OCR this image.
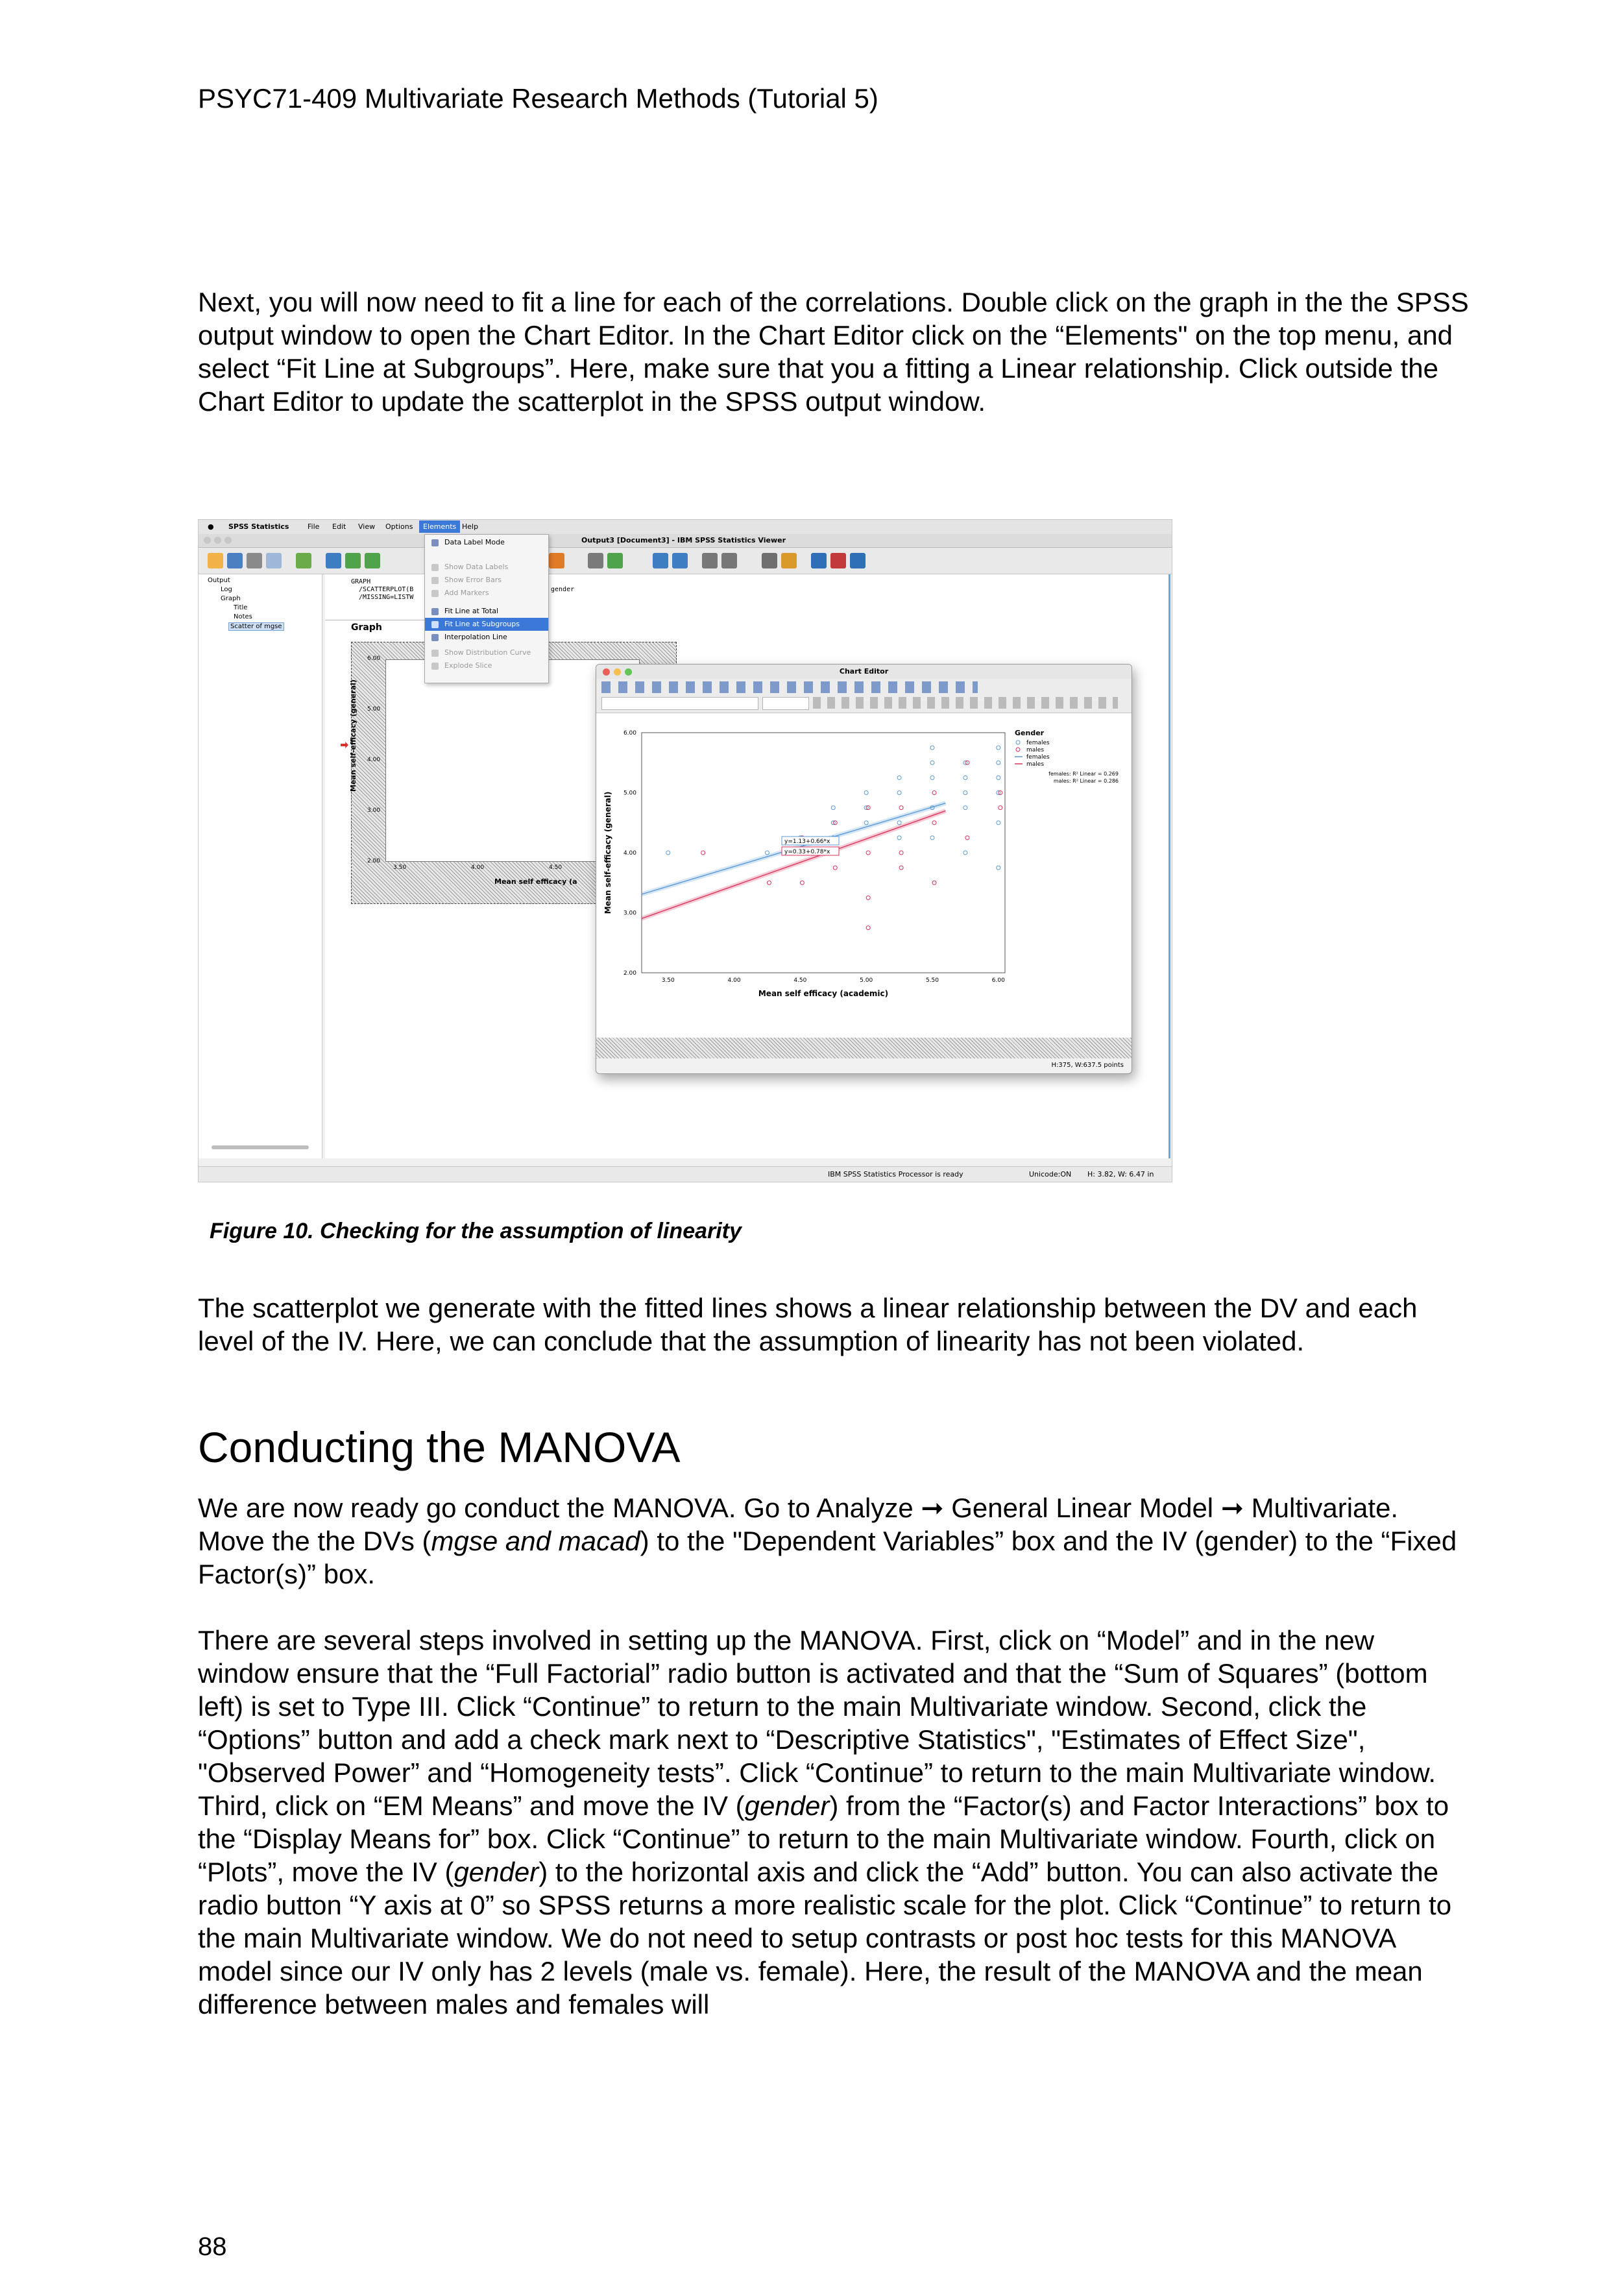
PSYC71-409 Multivariate Research Methods (Tutorial 5)

Next, you will now need to fit a line for each of the correlations. Double click on the graph in the the SPSS output window to open the Chart Editor. In the Chart Editor click on the “Elements" on the top menu, and select “Fit Line at Subgroups”. Here, make sure that you a fitting a Linear relationship. Click outside the Chart Editor to update the scatterplot in the SPSS output window.

● SPSS Statistics	File Edit View Options	Elements Help
Output3 [Document3] - IBM SPSS Statistics Viewer
Output
Log
Graph
Title
Notes
Scatter of mgse
GRAPH
/SCATTERPLOT(B
/MISSING=LISTW
gender
Graph
Mean self-efficacy (general)
Mean self efficacy (a
6.00
5.00
4.00
3.00
2.00
3.50	4.00	4.50
Data Label Mode
Show Data Labels
Show Error Bars
Add Markers
Fit Line at Total
Fit Line at Subgroups
Interpolation Line
Show Distribution Curve
Explode Slice
Chart Editor
6.00
5.00
4.00
3.00
2.00
3.50	4.00	4.50	5.00	5.50	6.00
Mean self efficacy (academic)
Mean self-efficacy (general)	y=1.13+0.66*x
y=0.33+0.78*x
Gender
females
males
females
males
females: R² Linear = 0.269
males: R² Linear = 0.286
H:375, W:637.5 points
IBM SPSS Statistics Processor is ready	Unicode:ON H: 3.82, W: 6.47 in
Figure 10. Checking for the assumption of linearity

The scatterplot we generate with the fitted lines shows a linear relationship between the DV and each level of the IV. Here, we can conclude that the assumption of linearity has not been violated.

Conducting the MANOVA

We are now ready go conduct the MANOVA. Go to Analyze ➞ General Linear Model ➞ Multivariate. Move the the DVs (mgse and macad) to the "Dependent Variables” box and the IV (gender) to the “Fixed Factor(s)” box.

There are several steps involved in setting up the MANOVA. First, click on “Model” and in the new window ensure that the “Full Factorial” radio button is activated and that the “Sum of Squares” (bottom left) is set to Type III. Click “Continue” to return to the main Multivariate window. Second, click the “Options” button and add a check mark next to “Descriptive Statistics", "Estimates of Effect Size", "Observed Power” and “Homogeneity tests”. Click “Continue” to return to the main Multivariate window. Third, click on “EM Means” and move the IV (gender) from the “Factor(s) and Factor Interactions” box to the “Display Means for” box. Click “Continue” to return to the main Multivariate window. Fourth, click on “Plots”, move the IV (gender) to the horizontal axis and click the “Add” button. You can also activate the radio button “Y axis at 0” so SPSS returns a more realistic scale for the plot. Click “Continue” to return to the main Multivariate window. We do not need to setup contrasts or post hoc tests for this MANOVA model since our IV only has 2 levels (male vs. female). Here, the result of the MANOVA and the mean difference between males and females will

88
